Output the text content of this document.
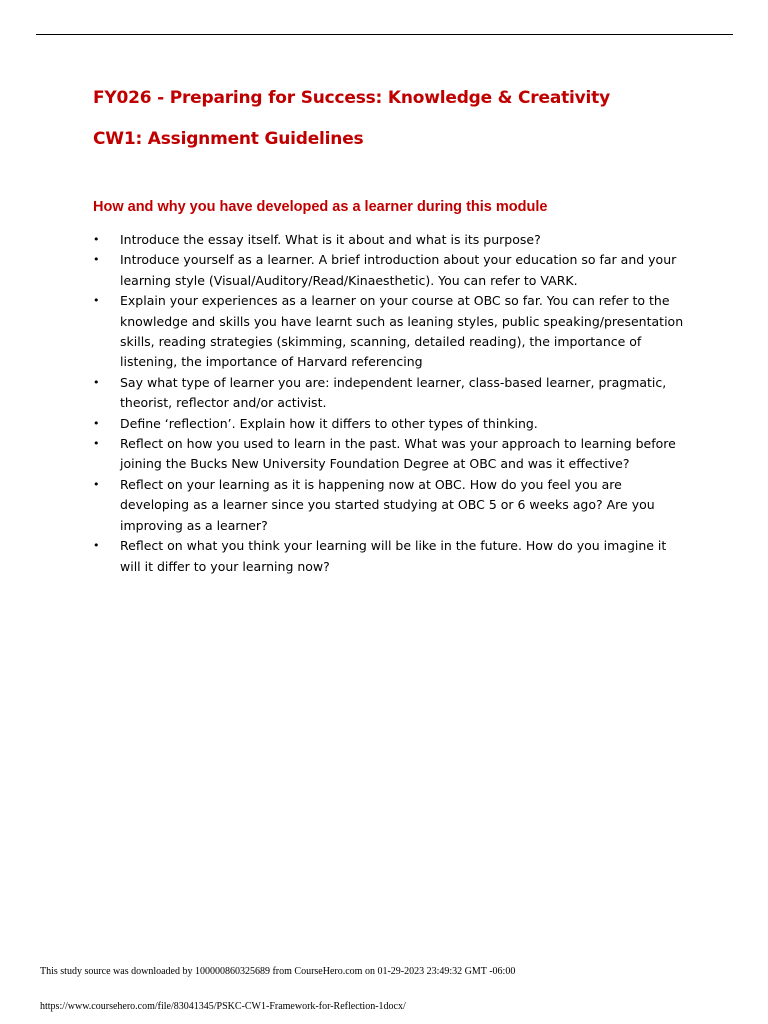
FY026 - Preparing for Success: Knowledge & Creativity
CW1: Assignment Guidelines
How and why you have developed as a learner during this module
• Introduce the essay itself. What is it about and what is its purpose?
• Introduce yourself as a learner. A brief introduction about your education so far and your learning style (Visual/Auditory/Read/Kinaesthetic). You can refer to VARK.
• Explain your experiences as a learner on your course at OBC so far. You can refer to the knowledge and skills you have learnt such as leaning styles, public speaking/presentation skills, reading strategies (skimming, scanning, detailed reading), the importance of listening, the importance of Harvard referencing
• Say what type of learner you are: independent learner, class-based learner, pragmatic, theorist, reflector and/or activist.
• Define ‘reflection’. Explain how it differs to other types of thinking.
• Reflect on how you used to learn in the past. What was your approach to learning before joining the Bucks New University Foundation Degree at OBC and was it effective?
• Reflect on your learning as it is happening now at OBC. How do you feel you are developing as a learner since you started studying at OBC 5 or 6 weeks ago? Are you improving as a learner?
• Reflect on what you think your learning will be like in the future. How do you imagine it will it differ to your learning now?

This study source was downloaded by 100000860325689 from CourseHero.com on 01-29-2023 23:49:32 GMT -06:00

https://www.coursehero.com/file/83041345/PSKC-CW1-Framework-for-Reflection-1docx/
